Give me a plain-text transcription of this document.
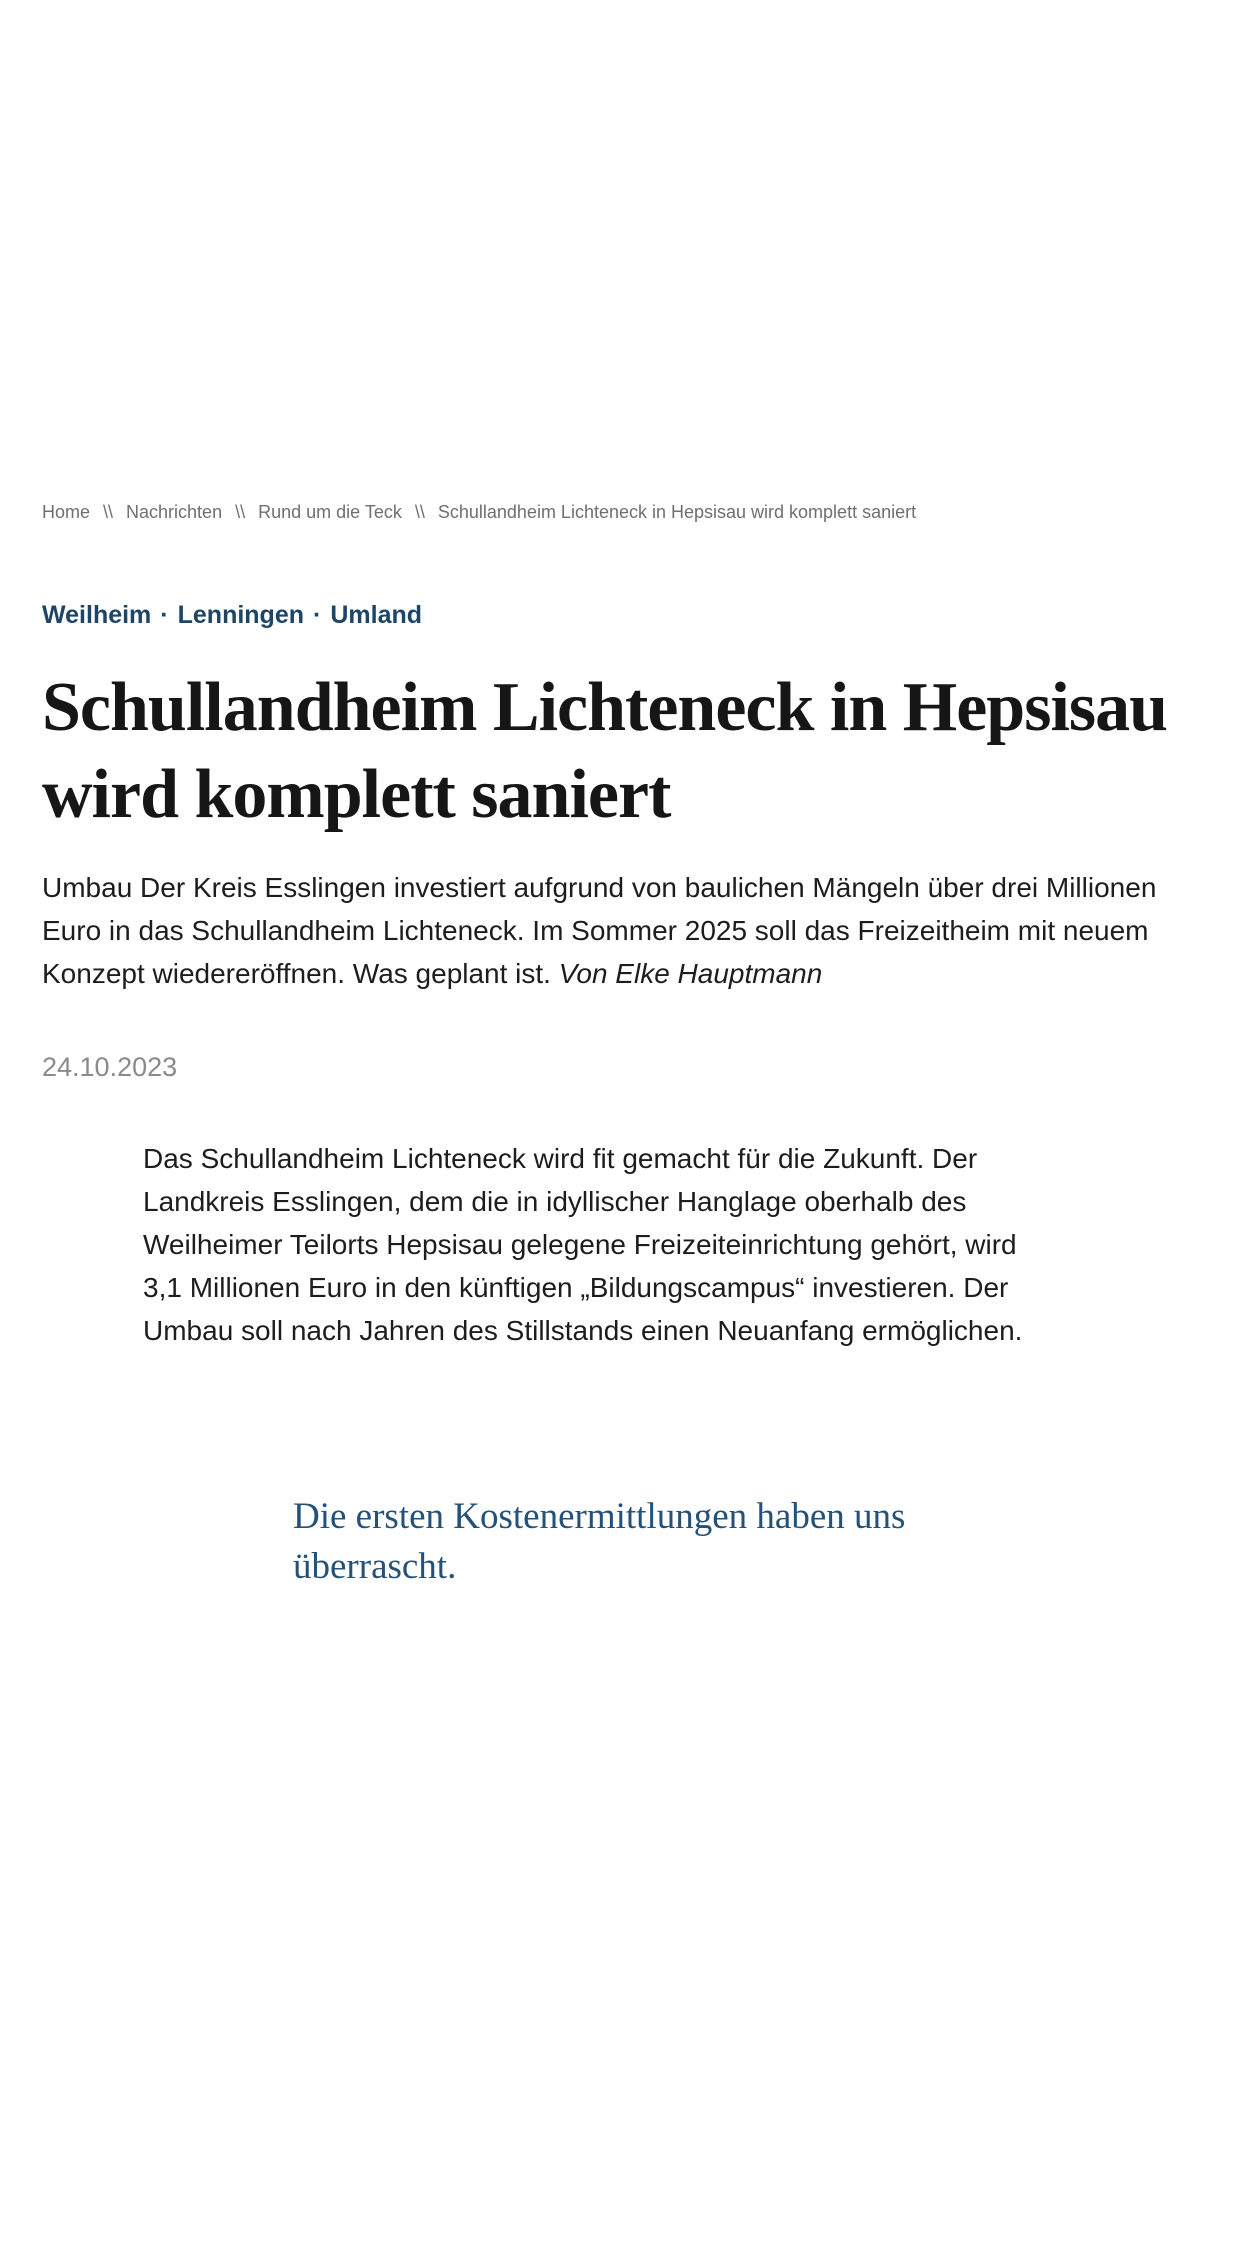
Home \\ Nachrichten \\ Rund um die Teck \\ Schullandheim Lichteneck in Hepsisau wird komplett saniert
Weilheim · Lenningen · Umland
Schullandheim Lichteneck in Hepsisau wird komplett saniert

Umbau Der Kreis Esslingen investiert aufgrund von baulichen Mängeln über drei Millionen Euro in das Schullandheim Lichteneck. Im Sommer 2025 soll das Freizeitheim mit neuem Konzept wiedereröffnen. Was geplant ist. Von Elke Hauptmann

24.10.2023

Das Schullandheim Lichteneck wird fit gemacht für die Zukunft. Der Landkreis Esslingen, dem die in idyllischer Hanglage oberhalb des Weilheimer Teilorts Hepsisau gelegene Freizeiteinrichtung gehört, wird 3,1 Millionen Euro in den künftigen „Bildungscampus“ investieren. Der Umbau soll nach Jahren des Stillstands einen Neuanfang ermöglichen.

Die ersten Kostenermittlungen haben uns überrascht.
